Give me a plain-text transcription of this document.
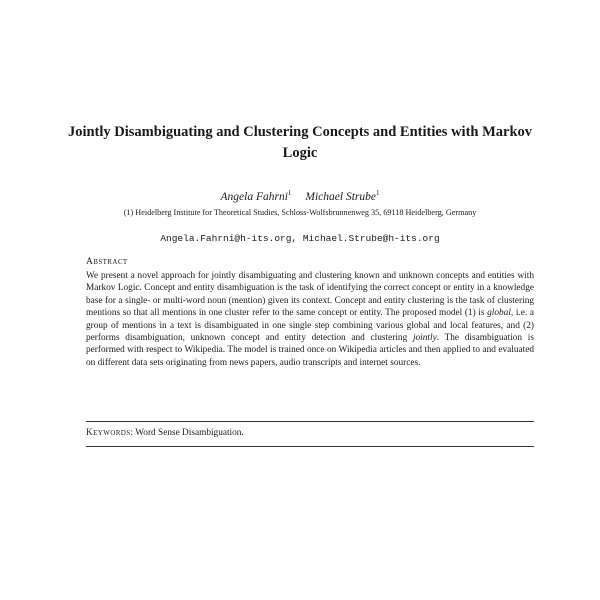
Jointly Disambiguating and Clustering Concepts and Entities with Markov Logic
Angela Fahrni$^1$ Michael Strube$^1$
(1) Heidelberg Institute for Theoretical Studies, Schloss-Wolfsbrunnenweg 35, 69118 Heidelberg, Germany
Angela.Fahrni@h-its.org, Michael.Strube@h-its.org
Abstract
We present a novel approach for jointly disambiguating and clustering known and unknown concepts and entities with Markov Logic. Concept and entity disambiguation is the task of identifying the correct concept or entity in a knowledge base for a single- or multi-word noun (mention) given its context. Concept and entity clustering is the task of clustering mentions so that all mentions in one cluster refer to the same concept or entity. The proposed model (1) is global, i.e. a group of mentions in a text is disambiguated in one single step combining various global and local features, and (2) performs disambiguation, unknown concept and entity detection and clustering jointly. The disambiguation is performed with respect to Wikipedia. The model is trained once on Wikipedia articles and then applied to and evaluated on different data sets originating from news papers, audio transcripts and internet sources.
Keywords: Word Sense Disambiguation.
